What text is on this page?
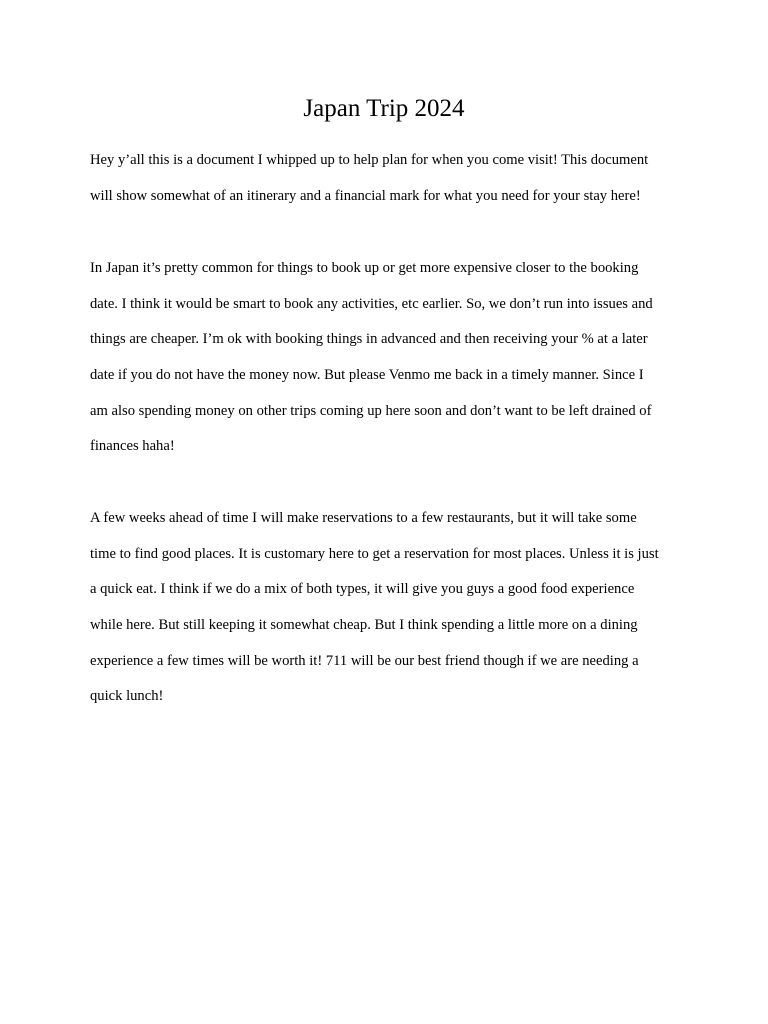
Japan Trip 2024

Hey y’all this is a document I whipped up to help plan for when you come visit! This document
will show somewhat of an itinerary and a financial mark for what you need for your stay here!

In Japan it’s pretty common for things to book up or get more expensive closer to the booking
date. I think it would be smart to book any activities, etc earlier. So, we don’t run into issues and
things are cheaper. I’m ok with booking things in advanced and then receiving your % at a later
date if you do not have the money now. But please Venmo me back in a timely manner. Since I
am also spending money on other trips coming up here soon and don’t want to be left drained of
finances haha!

A few weeks ahead of time I will make reservations to a few restaurants, but it will take some
time to find good places. It is customary here to get a reservation for most places. Unless it is just
a quick eat. I think if we do a mix of both types, it will give you guys a good food experience
while here. But still keeping it somewhat cheap. But I think spending a little more on a dining
experience a few times will be worth it! 711 will be our best friend though if we are needing a
quick lunch!
